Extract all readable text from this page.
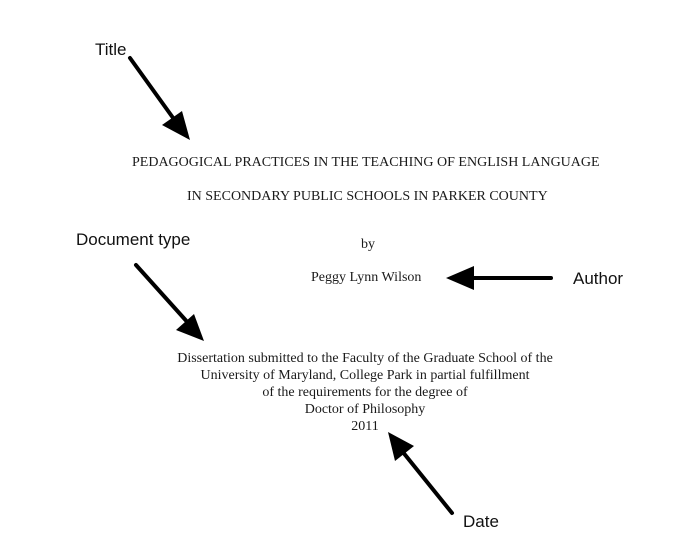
Title
Document type
Author
Date
PEDAGOGICAL PRACTICES IN THE TEACHING OF ENGLISH LANGUAGE
IN SECONDARY PUBLIC SCHOOLS IN PARKER COUNTY
by
Peggy Lynn Wilson
Dissertation submitted to the Faculty of the Graduate School of the
University of Maryland, College Park in partial fulfillment
of the requirements for the degree of
Doctor of Philosophy
2011
